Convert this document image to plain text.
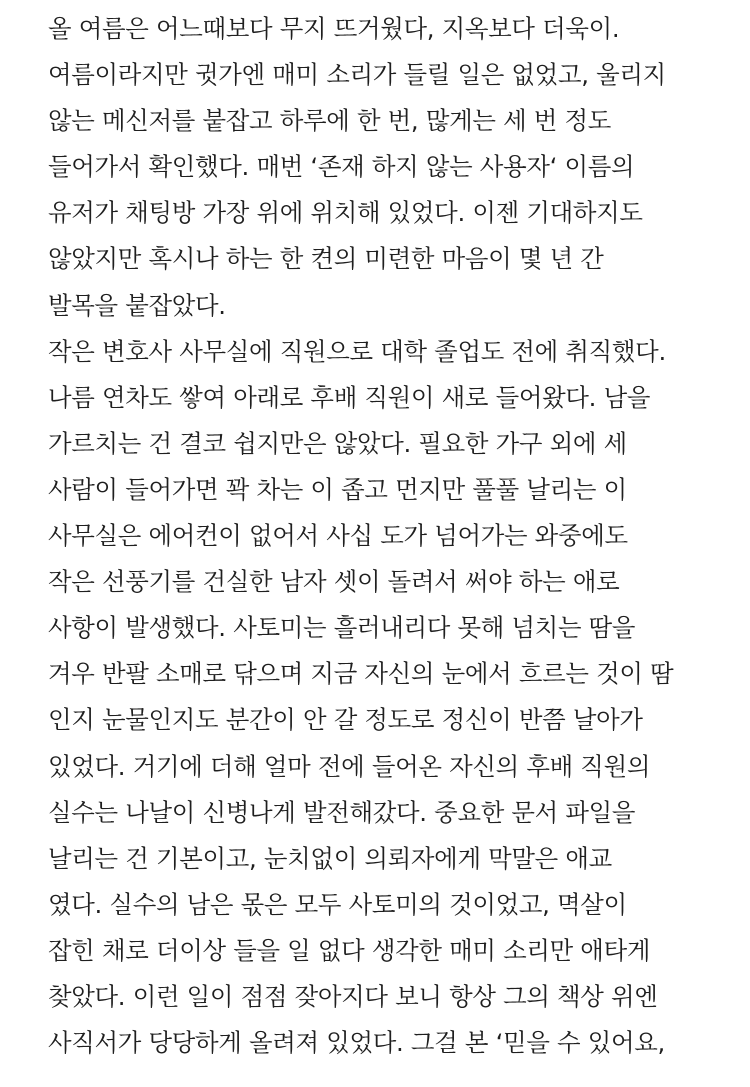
올 여름은 어느때보다 무지 뜨거웠다, 지옥보다 더욱이.
여름이라지만 귓가엔 매미 소리가 들릴 일은 없었고, 울리지
않는 메신저를 붙잡고 하루에 한 번, 많게는 세 번 정도
들어가서 확인했다. 매번 ‘존재 하지 않는 사용자‘ 이름의
유저가 채팅방 가장 위에 위치해 있었다. 이젠 기대하지도
않았지만 혹시나 하는 한 켠의 미련한 마음이 몇 년 간
발목을 붙잡았다.
작은 변호사 사무실에 직원으로 대학 졸업도 전에 취직했다.
나름 연차도 쌓여 아래로 후배 직원이 새로 들어왔다. 남을
가르치는 건 결코 쉽지만은 않았다. 필요한 가구 외에 세
사람이 들어가면 꽉 차는 이 좁고 먼지만 풀풀 날리는 이
사무실은 에어컨이 없어서 사십 도가 넘어가는 와중에도
작은 선풍기를 건실한 남자 셋이 돌려서 써야 하는 애로
사항이 발생했다. 사토미는 흘러내리다 못해 넘치는 땀을
겨우 반팔 소매로 닦으며 지금 자신의 눈에서 흐르는 것이 땀
인지 눈물인지도 분간이 안 갈 정도로 정신이 반쯤 날아가
있었다. 거기에 더해 얼마 전에 들어온 자신의 후배 직원의
실수는 나날이 신병나게 발전해갔다. 중요한 문서 파일을
날리는 건 기본이고, 눈치없이 의뢰자에게 막말은 애교
였다. 실수의 남은 몫은 모두 사토미의 것이었고, 멱살이
잡힌 채로 더이상 들을 일 없다 생각한 매미 소리만 애타게
찾았다. 이런 일이 점점 잦아지다 보니 항상 그의 책상 위엔
사직서가 당당하게 올려져 있었다. 그걸 본 ‘믿을 수 있어요,
